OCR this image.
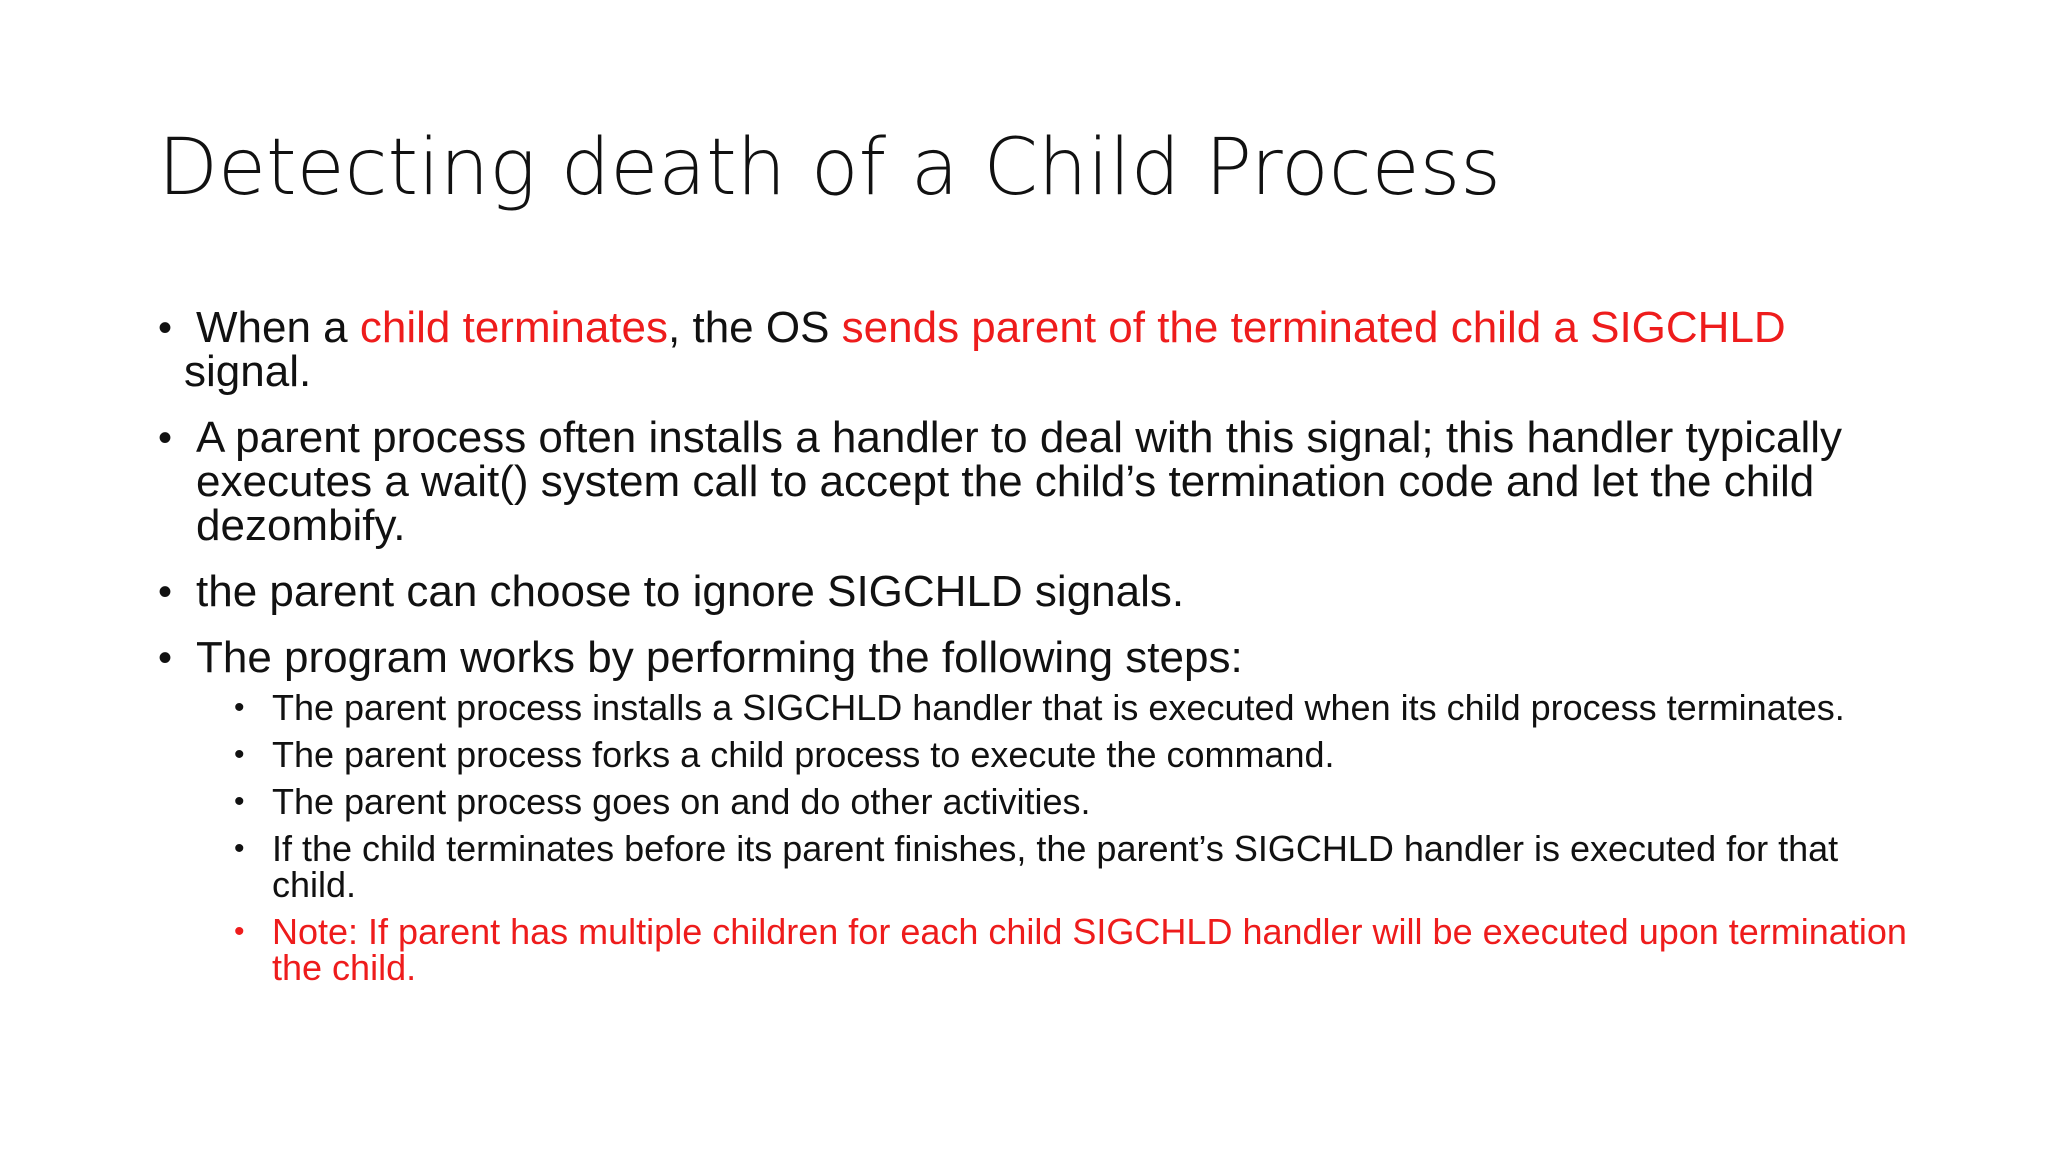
Detecting death of a Child Process
• When a child terminates, the OS sends parent of the terminated child a SIGCHLD
signal.
• A parent process often installs a handler to deal with this signal; this handler typically executes a wait() system call to accept the child’s termination code and let the child dezombify.
• the parent can choose to ignore SIGCHLD signals.
• The program works by performing the following steps:
• The parent process installs a SIGCHLD handler that is executed when its child process terminates.
• The parent process forks a child process to execute the command.
• The parent process goes on and do other activities.
• If the child terminates before its parent finishes, the parent’s SIGCHLD handler is executed for that child.
• Note: If parent has multiple children for each child SIGCHLD handler will be executed upon termination the child.
